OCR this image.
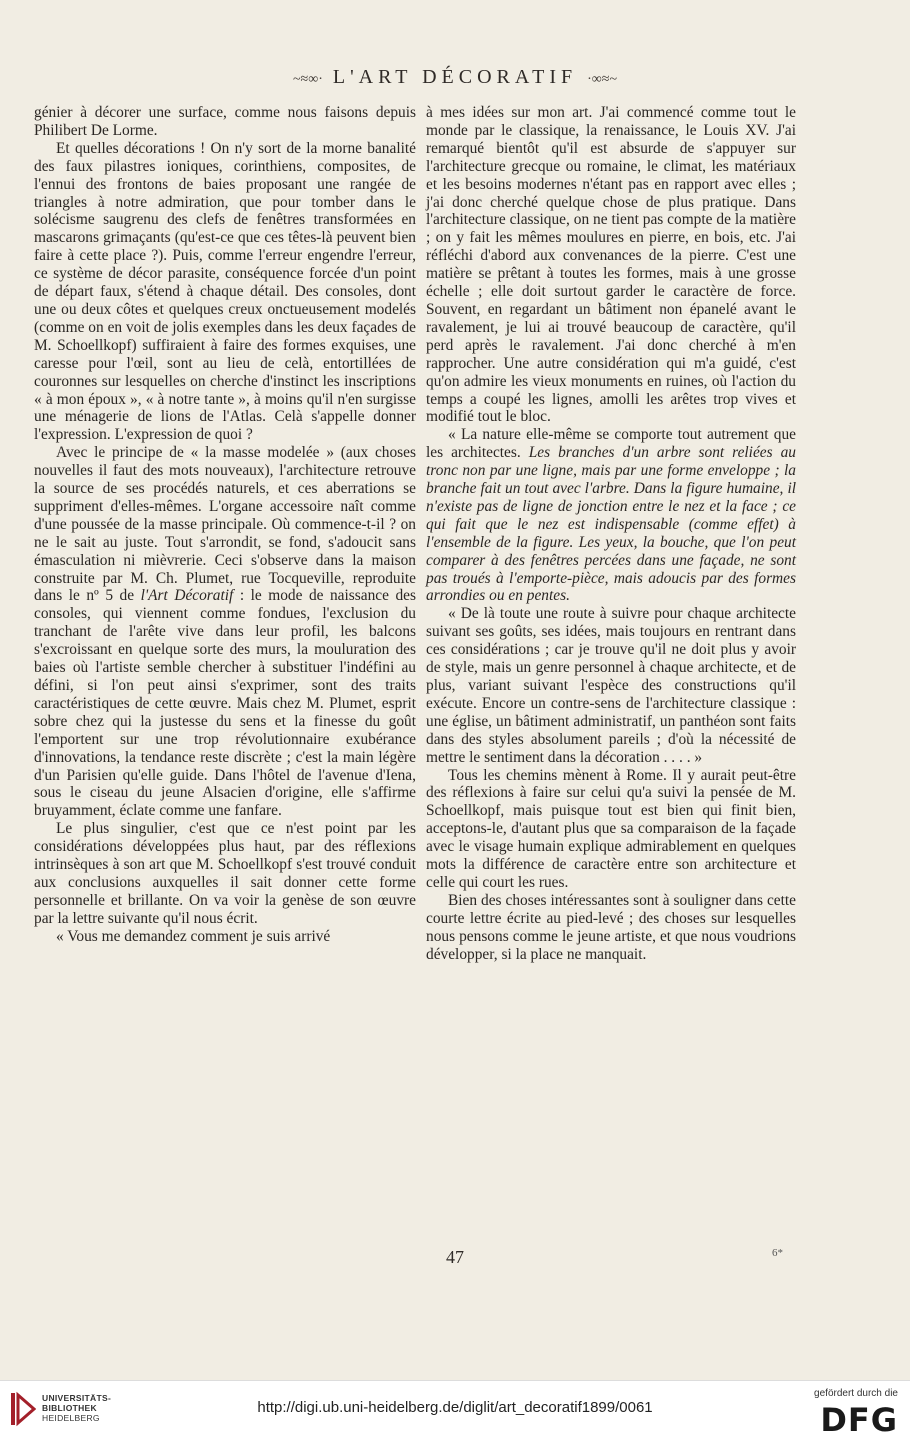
~≈∞· L'ART DÉCORATIF ·∞≈~

génier à décorer une surface, comme nous faisons depuis Philibert De Lorme.

Et quelles décorations ! On n'y sort de la morne banalité des faux pilastres ioniques, corinthiens, composites, de l'ennui des frontons de baies proposant une rangée de triangles à notre admiration, que pour tomber dans le solécisme saugrenu des clefs de fenêtres transformées en mascarons grimaçants (qu'est-ce que ces têtes-là peuvent bien faire à cette place ?). Puis, comme l'erreur engendre l'erreur, ce système de décor parasite, conséquence forcée d'un point de départ faux, s'étend à chaque détail. Des consoles, dont une ou deux côtes et quelques creux onctueusement modelés (comme on en voit de jolis exemples dans les deux façades de M. Schoellkopf) suffiraient à faire des formes exquises, une caresse pour l'œil, sont au lieu de celà, entortillées de couronnes sur lesquelles on cherche d'instinct les inscriptions « à mon époux », « à notre tante », à moins qu'il n'en surgisse une ménagerie de lions de l'Atlas. Celà s'appelle donner l'expression. L'expression de quoi ?

Avec le principe de « la masse modelée » (aux choses nouvelles il faut des mots nouveaux), l'architecture retrouve la source de ses procédés naturels, et ces aberrations se suppriment d'elles-mêmes. L'organe accessoire naît comme d'une poussée de la masse principale. Où commence-t-il ? on ne le sait au juste. Tout s'arrondit, se fond, s'adoucit sans émasculation ni mièvrerie. Ceci s'observe dans la maison construite par M. Ch. Plumet, rue Tocqueville, reproduite dans le nº 5 de l'Art Décoratif : le mode de naissance des consoles, qui viennent comme fondues, l'exclusion du tranchant de l'arête vive dans leur profil, les balcons s'excroissant en quelque sorte des murs, la mouluration des baies où l'artiste semble chercher à substituer l'indéfini au défini, si l'on peut ainsi s'exprimer, sont des traits caractéristiques de cette œuvre. Mais chez M. Plumet, esprit sobre chez qui la justesse du sens et la finesse du goût l'emportent sur une trop révolutionnaire exubérance d'innovations, la tendance reste discrète ; c'est la main légère d'un Parisien qu'elle guide. Dans l'hôtel de l'avenue d'Iena, sous le ciseau du jeune Alsacien d'origine, elle s'affirme bruyamment, éclate comme une fanfare.

Le plus singulier, c'est que ce n'est point par les considérations développées plus haut, par des réflexions intrinsèques à son art que M. Schoellkopf s'est trouvé conduit aux conclusions auxquelles il sait donner cette forme personnelle et brillante. On va voir la genèse de son œuvre par la lettre suivante qu'il nous écrit.

« Vous me demandez comment je suis arrivé

à mes idées sur mon art. J'ai commencé comme tout le monde par le classique, la renaissance, le Louis XV. J'ai remarqué bientôt qu'il est absurde de s'appuyer sur l'architecture grecque ou romaine, le climat, les matériaux et les besoins modernes n'étant pas en rapport avec elles ; j'ai donc cherché quelque chose de plus pratique. Dans l'architecture classique, on ne tient pas compte de la matière ; on y fait les mêmes moulures en pierre, en bois, etc. J'ai réfléchi d'abord aux convenances de la pierre. C'est une matière se prêtant à toutes les formes, mais à une grosse échelle ; elle doit surtout garder le caractère de force. Souvent, en regardant un bâtiment non épanelé avant le ravalement, je lui ai trouvé beaucoup de caractère, qu'il perd après le ravalement. J'ai donc cherché à m'en rapprocher. Une autre considération qui m'a guidé, c'est qu'on admire les vieux monuments en ruines, où l'action du temps a coupé les lignes, amolli les arêtes trop vives et modifié tout le bloc.

« La nature elle-même se comporte tout autrement que les architectes. Les branches d'un arbre sont reliées au tronc non par une ligne, mais par une forme enveloppe ; la branche fait un tout avec l'arbre. Dans la figure humaine, il n'existe pas de ligne de jonction entre le nez et la face ; ce qui fait que le nez est indispensable (comme effet) à l'ensemble de la figure. Les yeux, la bouche, que l'on peut comparer à des fenêtres percées dans une façade, ne sont pas troués à l'emporte-pièce, mais adoucis par des formes arrondies ou en pentes.

« De là toute une route à suivre pour chaque architecte suivant ses goûts, ses idées, mais toujours en rentrant dans ces considérations ; car je trouve qu'il ne doit plus y avoir de style, mais un genre personnel à chaque architecte, et de plus, variant suivant l'espèce des constructions qu'il exécute. Encore un contre-sens de l'architecture classique : une église, un bâtiment administratif, un panthéon sont faits dans des styles absolument pareils ; d'où la nécessité de mettre le sentiment dans la décoration . . . . »

Tous les chemins mènent à Rome. Il y aurait peut-être des réflexions à faire sur celui qu'a suivi la pensée de M. Schoellkopf, mais puisque tout est bien qui finit bien, acceptons-le, d'autant plus que sa comparaison de la façade avec le visage humain explique admirablement en quelques mots la différence de caractère entre son architecture et celle qui court les rues.

Bien des choses intéressantes sont à souligner dans cette courte lettre écrite au pied-levé ; des choses sur lesquelles nous pensons comme le jeune artiste, et que nous voudrions développer, si la place ne manquait.

47	6*
UNIVERSITÄTS-
BIBLIOTHEK
HEIDELBERG
http://digi.ub.uni-heidelberg.de/diglit/art_decoratif1899/0061
gefördert durch die
DFG
